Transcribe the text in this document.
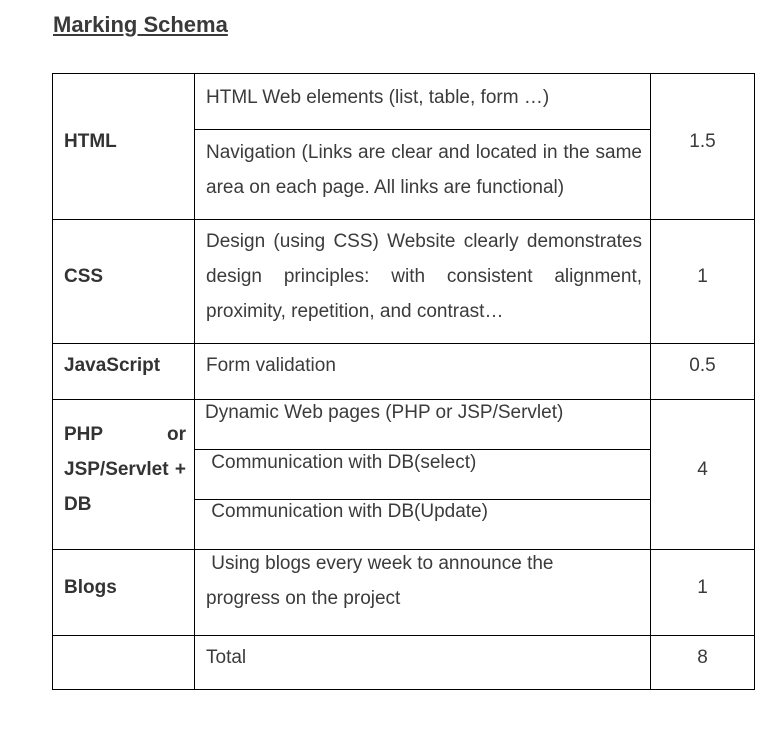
Marking Schema
HTML
HTML Web elements (list, table, form …)
Navigation (Links are clear and located in the same area on each page. All links are functional)
1.5
CSS
Design (using CSS) Website clearly demonstrates design principles: with consistent alignment, proximity, repetition, and contrast…
1
JavaScript Form validation	0.5
PHP or JSP/Servlet + DB
Dynamic Web pages (PHP or JSP/Servlet)
Communication with DB(select)
Communication with DB(Update)
4
Blogs
Using blogs every week to announce the progress on the project
1
Total	8
